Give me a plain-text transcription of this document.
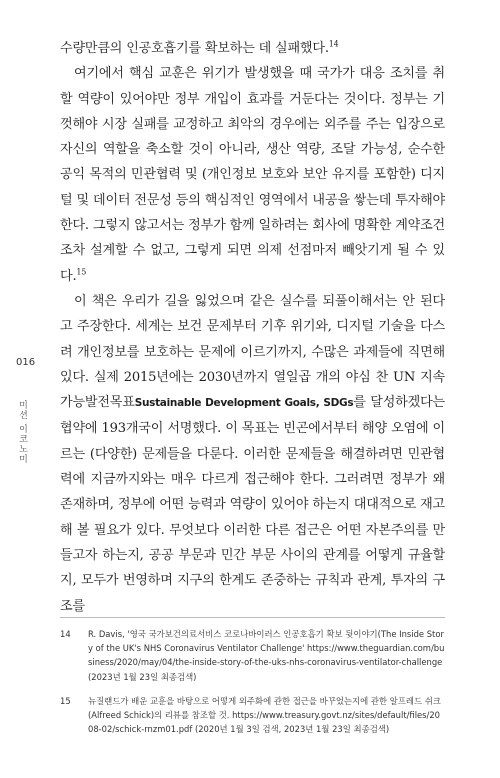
수량만큼의 인공호흡기를 확보하는 데 실패했다.$^{14}$

여기에서 핵심 교훈은 위기가 발생했을 때 국가가 대응 조치를 취할 역량이 있어야만 정부 개입이 효과를 거둔다는 것이다. 정부는 기껏해야 시장 실패를 교정하고 최악의 경우에는 외주를 주는 입장으로 자신의 역할을 축소할 것이 아니라, 생산 역량, 조달 가능성, 순수한 공익 목적의 민관협력 및 (개인정보 보호와 보안 유지를 포함한) 디지털 및 데이터 전문성 등의 핵심적인 영역에서 내공을 쌓는데 투자해야 한다. 그렇지 않고서는 정부가 함께 일하려는 회사에 명확한 계약조건조차 설계할 수 없고, 그렇게 되면 의제 선점마저 빼앗기게 될 수 있다.$^{15}$

이 책은 우리가 길을 잃었으며 같은 실수를 되풀이해서는 안 된다고 주장한다. 세계는 보건 문제부터 기후 위기와, 디지털 기술을 다스려 개인정보를 보호하는 문제에 이르기까지, 수많은 과제들에 직면해 있다. 실제 2015년에는 2030년까지 열일곱 개의 야심 찬 UN 지속가능발전목표Sustainable Development Goals, SDGs를 달성하겠다는 협약에 193개국이 서명했다. 이 목표는 빈곤에서부터 해양 오염에 이르는 (다양한) 문제들을 다룬다. 이러한 문제들을 해결하려면 민관협력에 지금까지와는 매우 다르게 접근해야 한다. 그러려면 정부가 왜 존재하며, 정부에 어떤 능력과 역량이 있어야 하는지 대대적으로 재고해 볼 필요가 있다. 무엇보다 이러한 다른 접근은 어떤 자본주의를 만들고자 하는지, 공공 부문과 민간 부문 사이의 관계를 어떻게 규율할지, 모두가 번영하며 지구의 한계도 존중하는 규칙과 관계, 투자의 구조를

016
미션 이코노미
14 R. Davis, '영국 국가보건의료서비스 코로나바이러스 인공호흡기 확보 뒷이야기(The Inside Story of the UK's NHS Coronavirus Ventilator Challenge' https://www.theguardian.com/business/2020/may/04/the-inside-story-of-the-uks-nhs-coronavirus-ventilator-challenge (2023년 1월 23일 최종검색)
15 뉴질랜드가 배운 교훈을 바탕으로 어떻게 외주화에 관한 접근을 바꾸었는지에 관한 알프레드 쉬크(Alfreed Schick)의 리뷰를 참조할 것. https://www.treasury.govt.nz/sites/default/files/2008-02/schick-rnzm01.pdf (2020년 1월 3일 검색, 2023년 1월 23일 최종검색)
